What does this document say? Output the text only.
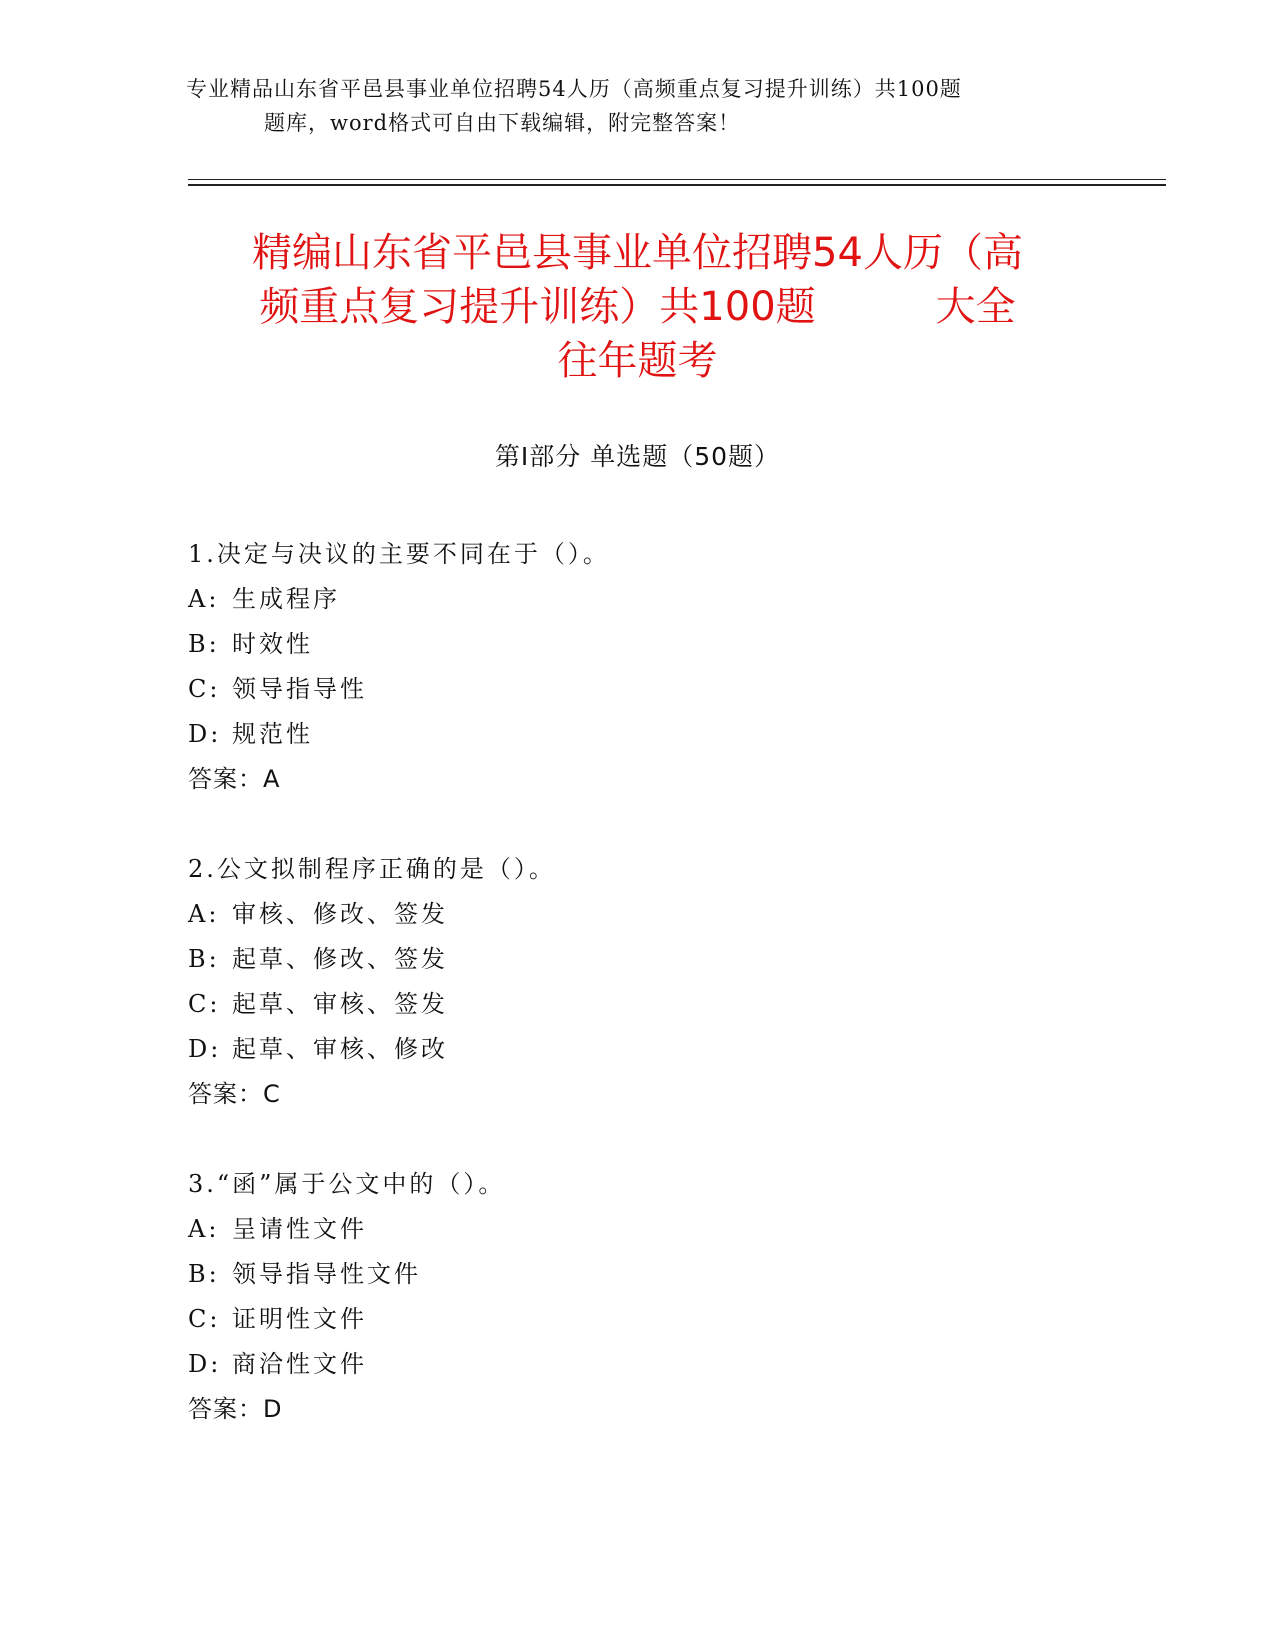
专业精品山东省平邑县事业单位招聘54人历（高频重点复习提升训练）共100题
题库，word格式可自由下载编辑，附完整答案！
精编山东省平邑县事业单位招聘54人历（高
频重点复习提升训练）共100题	大全
往年题考
第Ⅰ部分 单选题（50题）
1.决定与决议的主要不同在于（）。
A: 生成程序
B: 时效性
C: 领导指导性
D: 规范性
答案：A
2.公文拟制程序正确的是（）。
A: 审核、修改、签发
B: 起草、修改、签发
C: 起草、审核、签发
D: 起草、审核、修改
答案：C
3.“函”属于公文中的（）。
A: 呈请性文件
B: 领导指导性文件
C: 证明性文件
D: 商洽性文件
答案：D
